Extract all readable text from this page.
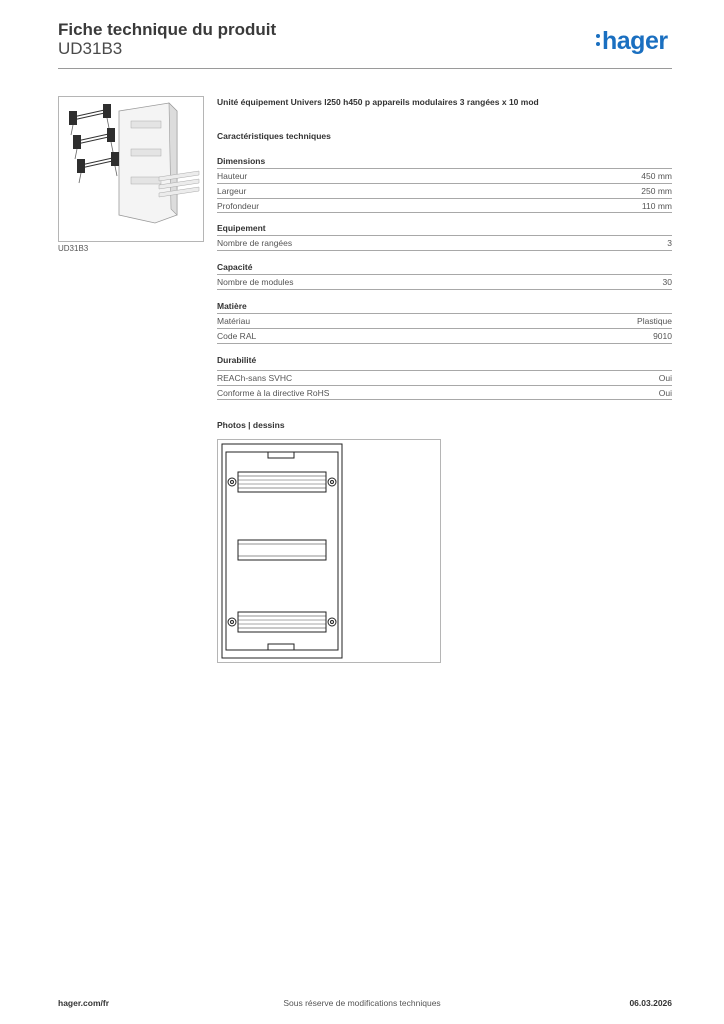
Fiche technique du produit
UD31B3	hager
UD31B3
Unité équipement Univers l250 h450 p appareils modulaires 3 rangées x 10 mod
Caractéristiques techniques
Dimensions
Hauteur	450 mm
Largeur	250 mm
Profondeur	110 mm
Equipement
Nombre de rangées	3
Capacité
Nombre de modules	30
Matière
Matériau	Plastique
Code RAL	9010
Durabilité
REACh-sans SVHC	Oui
Conforme à la directive RoHS	Oui
Photos | dessins
Sous réserve de modifications techniques
hager.com/fr	06.03.2026
